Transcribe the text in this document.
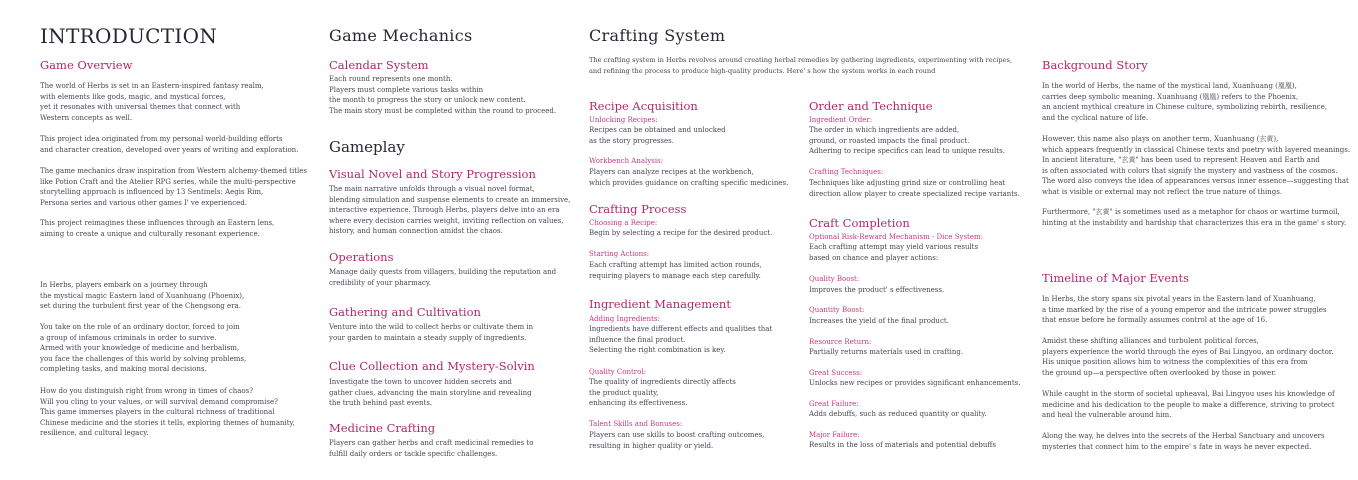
INTRODUCTION
Game Overview
The world of Herbs is set in an Eastern-inspired fantasy realm,
with elements like gods, magic, and mystical forces,
yet it resonates with universal themes that connect with
Western concepts as well.
This project idea originated from my personal world-building efforts
and character creation, developed over years of writing and exploration.
The game mechanics draw inspiration from Western alchemy-themed titles
like Potion Craft and the Atelier RPG series, while the multi-perspective
storytelling approach is influenced by 13 Sentinels: Aegis Rim,
Persona series and various other games I' ve experienced.
This project reimagines these influences through an Eastern lens,
aiming to create a unique and culturally resonant experience.
In Herbs, players embark on a journey through
the mystical magic Eastern land of Xuanhuang (Phoenix),
set during the turbulent first year of the Chengsong era.
You take on the role of an ordinary doctor, forced to join
a group of infamous criminals in order to survive.
Armed with your knowledge of medicine and herbalism,
you face the challenges of this world by solving problems,
completing tasks, and making moral decisions.
How do you distinguish right from wrong in times of chaos?
Will you cling to your values, or will survival demand compromise?
This game immerses players in the cultural richness of traditional
Chinese medicine and the stories it tells, exploring themes of humanity,
resilience, and cultural legacy.
Game Mechanics
Calendar System
Each round represents one month.
Players must complete various tasks within
the month to progress the story or unlock new content.
The main story must be completed within the round to proceed.
Gameplay
Visual Novel and Story Progression
The main narrative unfolds through a visual novel format,
blending simulation and suspense elements to create an immersive,
interactive experience. Through Herbs, players delve into an era
where every decision carries weight, inviting reflection on values,
history, and human connection amidst the chaos.
Operations
Manage daily quests from villagers, building the reputation and
credibility of your pharmacy.
Gathering and Cultivation
Venture into the wild to collect herbs or cultivate them in
your garden to maintain a steady supply of ingredients.
Clue Collection and Mystery-Solvin
Investigate the town to uncover hidden secrets and
gather clues, advancing the main storyline and revealing
the truth behind past events.
Medicine Crafting
Players can gather herbs and craft medicinal remedies to
fulfill daily orders or tackle specific challenges.
Crafting System
The crafting system in Herbs revolves around creating herbal remedies by gathering ingredients, experimenting with recipes,
and refining the process to produce high-quality products. Here' s how the system works in each round
Recipe Acquisition
Unlocking Recipes:
Recipes can be obtained and unlocked
as the story progresses.
Workbench Analysis:
Players can analyze recipes at the workbench,
which provides guidance on crafting specific medicines.
Crafting Process
Choosing a Recipe:
Begin by selecting a recipe for the desired product.
Starting Actions:
Each crafting attempt has limited action rounds,
requiring players to manage each step carefully.
Ingredient Management
Adding Ingredients:
Ingredients have different effects and qualities that
influence the final product.
Selecting the right combination is key.
Quality Control:
The quality of ingredients directly affects
the product quality,
enhancing its effectiveness.
Talent Skills and Bonuses:
Players can use skills to boost crafting outcomes,
resulting in higher quality or yield.
Order and Technique
Ingredient Order:
The order in which ingredients are added,
ground, or roasted impacts the final product.
Adhering to recipe specifics can lead to unique results.
Crafting Techniques:
Techniques like adjusting grind size or controlling heat
direction allow player to create specialized recipe variants.
Craft Completion
Optional Risk-Reward Mechanism - Dice System:
Each crafting attempt may yield various results
based on chance and player actions:
Quality Boost:
Improves the product' s effectiveness.
Quantity Boost:
Increases the yield of the final product.
Resource Return:
Partially returns materials used in crafting.
Great Success:
Unlocks new recipes or provides significant enhancements.
Great Failure:
Adds debuffs, such as reduced quantity or quality.
Major Failure:
Results in the loss of materials and potential debuffs
Background Story
In the world of Herbs, the name of the mystical land, Xuanhuang (凰凰),
carries deep symbolic meaning. Xuanhuang (凰凰) refers to the Phoenix,
an ancient mythical creature in Chinese culture, symbolizing rebirth, resilience,
and the cyclical nature of life.
However, this name also plays on another term, Xuanhuang (玄黄),
which appears frequently in classical Chinese texts and poetry with layered meanings.
In ancient literature, "玄黄" has been used to represent Heaven and Earth and
is often associated with colors that signify the mystery and vastness of the cosmos.
The word also conveys the idea of appearances versus inner essence—suggesting that
what is visible or external may not reflect the true nature of things.
Furthermore, "玄黄" is sometimes used as a metaphor for chaos or wartime turmoil,
hinting at the instability and hardship that characterizes this era in the game' s story.
Timeline of Major Events
In Herbs, the story spans six pivotal years in the Eastern land of Xuanhuang,
a time marked by the rise of a young emperor and the intricate power struggles
that ensue before he formally assumes control at the age of 16.
Amidst these shifting alliances and turbulent political forces,
players experience the world through the eyes of Bai Lingyou, an ordinary doctor.
His unique position allows him to witness the complexities of this era from
the ground up—a perspective often overlooked by those in power.
While caught in the storm of societal upheaval, Bai Lingyou uses his knowledge of
medicine and his dedication to the people to make a difference, striving to protect
and heal the vulnerable around him.
Along the way, he delves into the secrets of the Herbal Sanctuary and uncovers
mysteries that connect him to the empire' s fate in ways he never expected.
